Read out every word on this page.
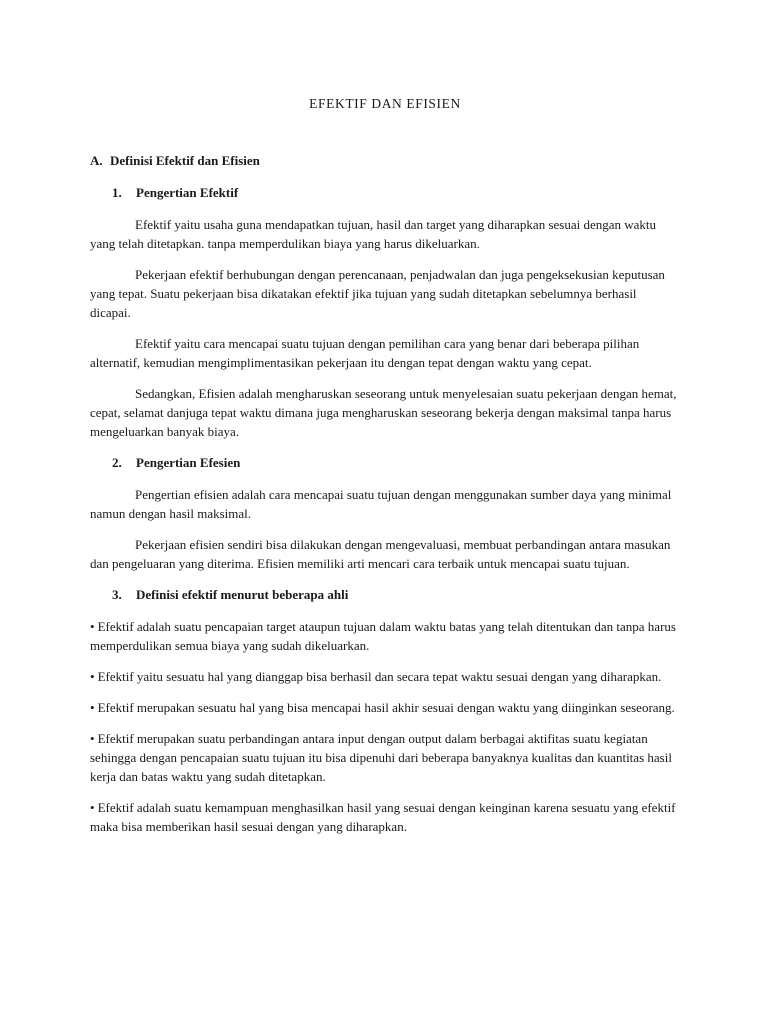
EFEKTIF DAN EFISIEN
A. Definisi Efektif dan Efisien
1.	Pengertian Efektif

Efektif yaitu usaha guna mendapatkan tujuan, hasil dan target yang diharapkan sesuai dengan waktu yang telah ditetapkan. tanpa memperdulikan biaya yang harus dikeluarkan.

Pekerjaan efektif berhubungan dengan perencanaan, penjadwalan dan juga pengeksekusian keputusan yang tepat. Suatu pekerjaan bisa dikatakan efektif jika tujuan yang sudah ditetapkan sebelumnya berhasil dicapai.

Efektif yaitu cara mencapai suatu tujuan dengan pemilihan cara yang benar dari beberapa pilihan alternatif, kemudian mengimplimentasikan pekerjaan itu dengan tepat dengan waktu yang cepat.

Sedangkan, Efisien adalah mengharuskan seseorang untuk menyelesaian suatu pekerjaan dengan hemat, cepat, selamat danjuga tepat waktu dimana juga mengharuskan seseorang bekerja dengan maksimal tanpa harus mengeluarkan banyak biaya.

2.	Pengertian Efesien

Pengertian efisien adalah cara mencapai suatu tujuan dengan menggunakan sumber daya yang minimal namun dengan hasil maksimal.

Pekerjaan efisien sendiri bisa dilakukan dengan mengevaluasi, membuat perbandingan antara masukan dan pengeluaran yang diterima. Efisien memiliki arti mencari cara terbaik untuk mencapai suatu tujuan.

3.	Definisi efektif menurut beberapa ahli

• Efektif adalah suatu pencapaian target ataupun tujuan dalam waktu batas yang telah ditentukan dan tanpa harus memperdulikan semua biaya yang sudah dikeluarkan.

• Efektif yaitu sesuatu hal yang dianggap bisa berhasil dan secara tepat waktu sesuai dengan yang diharapkan.

• Efektif merupakan sesuatu hal yang bisa mencapai hasil akhir sesuai dengan waktu yang diinginkan seseorang.

• Efektif merupakan suatu perbandingan antara input dengan output dalam berbagai aktifitas suatu kegiatan sehingga dengan pencapaian suatu tujuan itu bisa dipenuhi dari beberapa banyaknya kualitas dan kuantitas hasil kerja dan batas waktu yang sudah ditetapkan.

• Efektif adalah suatu kemampuan menghasilkan hasil yang sesuai dengan keinginan karena sesuatu yang efektif maka bisa memberikan hasil sesuai dengan yang diharapkan.
